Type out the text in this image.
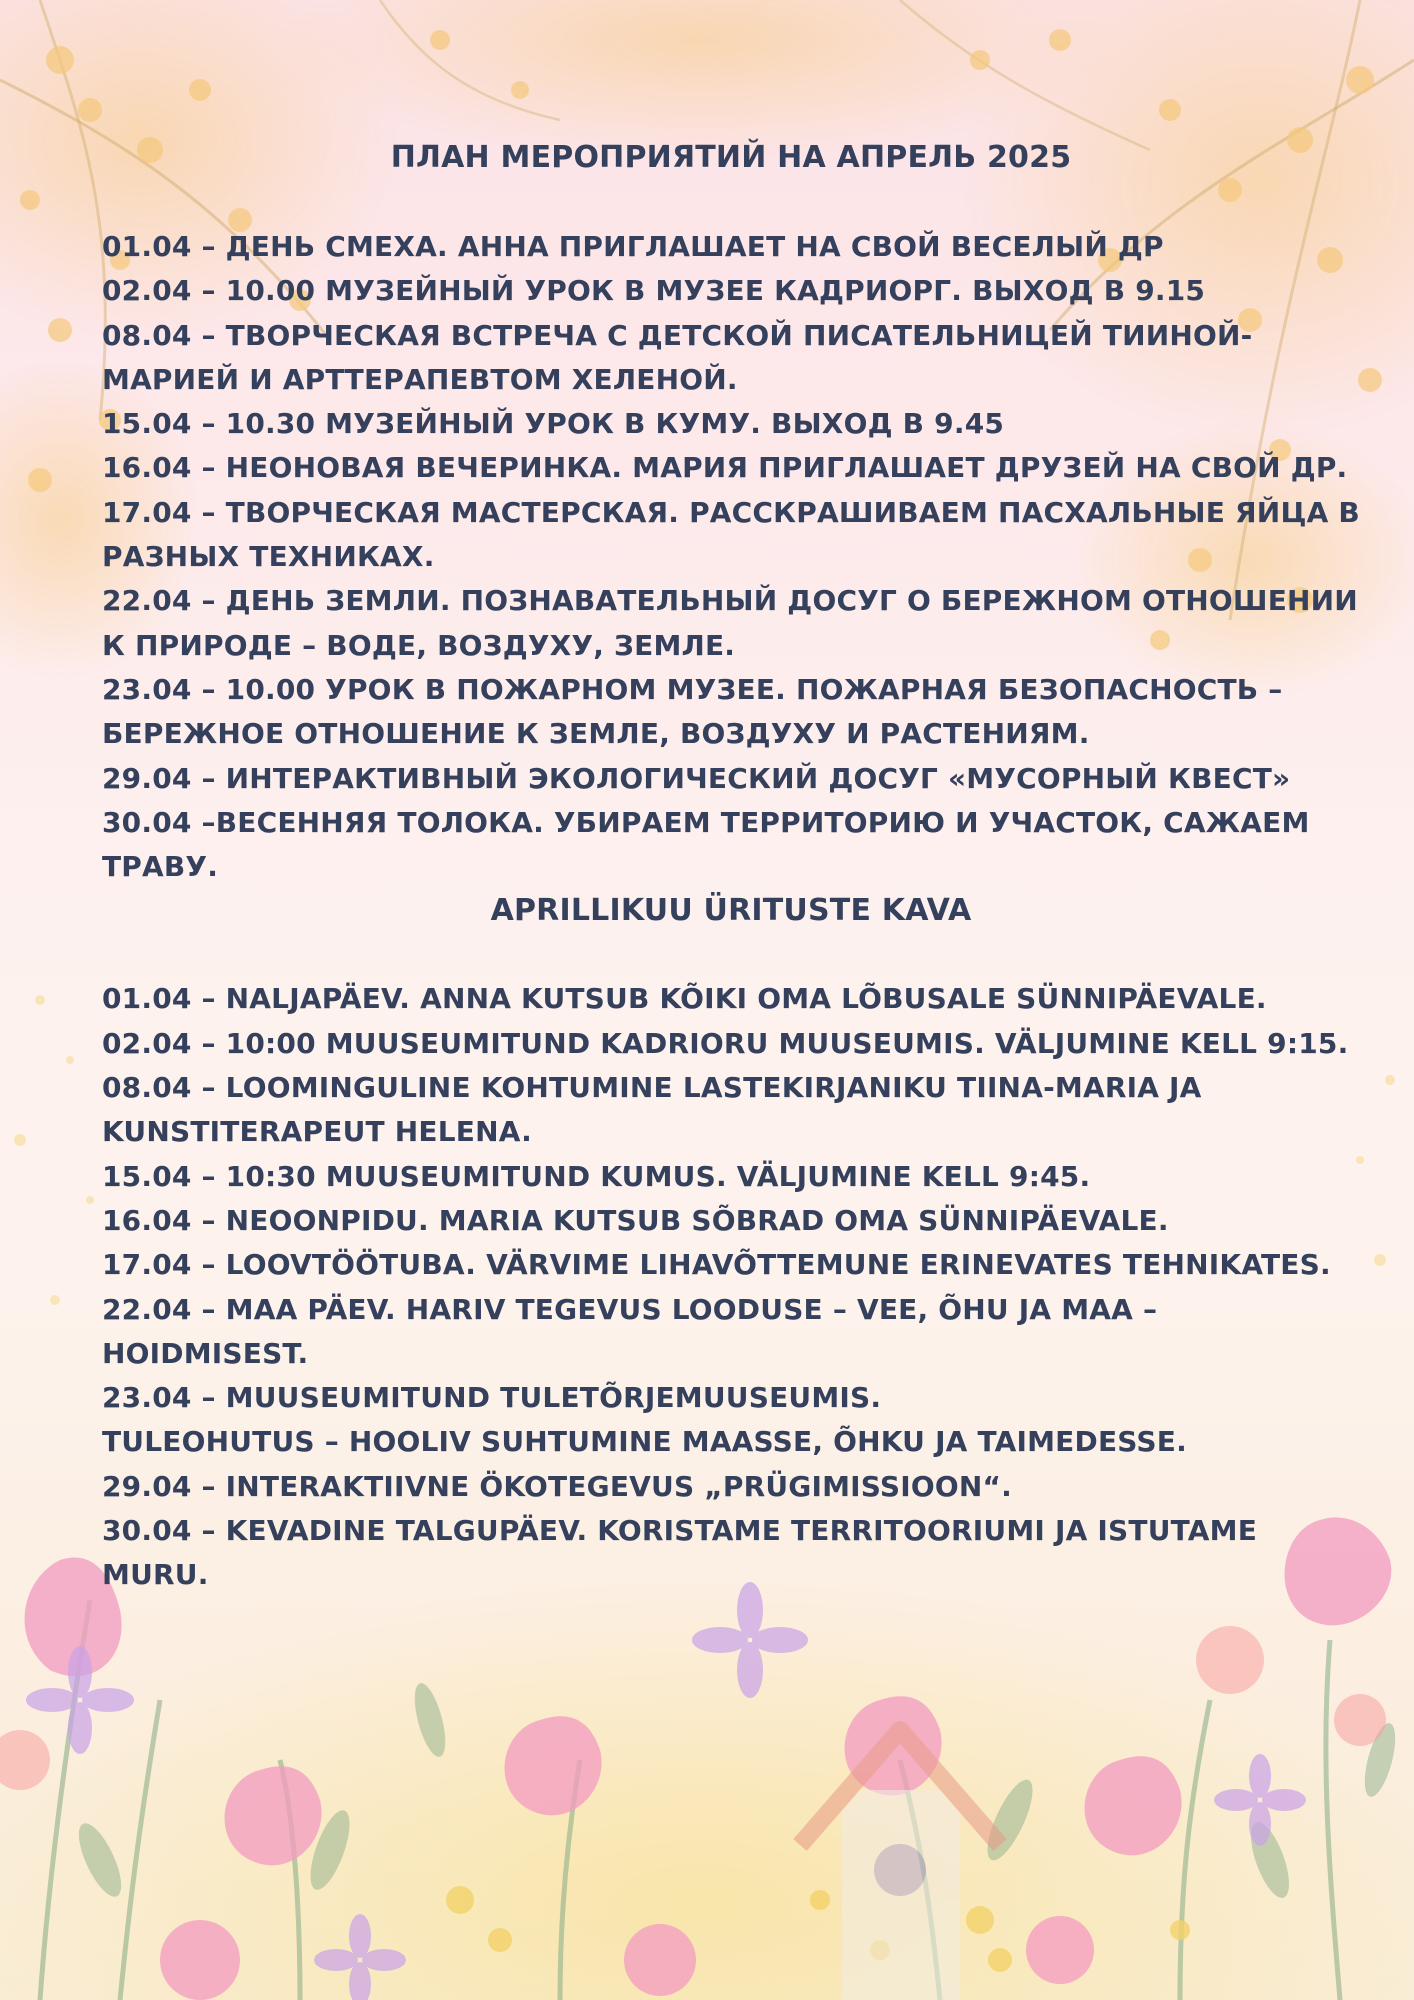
ПЛАН МЕРОПРИЯТИЙ НА АПРЕЛЬ 2025
01.04 – ДЕНЬ СМЕХА. АННА ПРИГЛАШАЕТ НА СВОЙ ВЕСЕЛЫЙ ДР
02.04 – 10.00 МУЗЕЙНЫЙ УРОК В МУЗЕЕ КАДРИОРГ. ВЫХОД В 9.15
08.04 – ТВОРЧЕСКАЯ ВСТРЕЧА С ДЕТСКОЙ ПИСАТЕЛЬНИЦЕЙ ТИИНОЙ-МАРИЕЙ И АРТТЕРАПЕВТОМ ХЕЛЕНОЙ.
15.04 – 10.30 МУЗЕЙНЫЙ УРОК В КУМУ. ВЫХОД В 9.45
16.04 – НЕОНОВАЯ ВЕЧЕРИНКА. МАРИЯ ПРИГЛАШАЕТ ДРУЗЕЙ НА СВОЙ ДР.
17.04 – ТВОРЧЕСКАЯ МАСТЕРСКАЯ. РАССКРАШИВАЕМ ПАСХАЛЬНЫЕ ЯЙЦА В РАЗНЫХ ТЕХНИКАХ.
22.04 – ДЕНЬ ЗЕМЛИ. ПОЗНАВАТЕЛЬНЫЙ ДОСУГ О БЕРЕЖНОМ ОТНОШЕНИИ К ПРИРОДЕ – ВОДЕ, ВОЗДУХУ, ЗЕМЛЕ.
23.04 – 10.00 УРОК В ПОЖАРНОМ МУЗЕЕ. ПОЖАРНАЯ БЕЗОПАСНОСТЬ – БЕРЕЖНОЕ ОТНОШЕНИЕ К ЗЕМЛЕ, ВОЗДУХУ И РАСТЕНИЯМ.
29.04 – ИНТЕРАКТИВНЫЙ ЭКОЛОГИЧЕСКИЙ ДОСУГ «МУСОРНЫЙ КВЕСТ»
30.04 –ВЕСЕННЯЯ ТОЛОКА. УБИРАЕМ ТЕРРИТОРИЮ И УЧАСТОК, САЖАЕМ ТРАВУ.
APRILLIKUU ÜRITUSTE KAVA
01.04 – NALJAPÄEV. ANNA KUTSUB KÕIKI OMA LÕBUSALE SÜNNIPÄEVALE.
02.04 – 10:00 MUUSEUMITUND KADRIORU MUUSEUMIS. VÄLJUMINE KELL 9:15.
08.04 – LOOMINGULINE KOHTUMINE LASTEKIRJANIKU TIINA-MARIA JA KUNSTITERAPEUT HELENA.
15.04 – 10:30 MUUSEUMITUND KUMUS. VÄLJUMINE KELL 9:45.
16.04 – NEOONPIDU. MARIA KUTSUB SÕBRAD OMA SÜNNIPÄEVALE.
17.04 – LOOVTÖÖTUBA. VÄRVIME LIHAVÕTTEMUNE ERINEVATES TEHNIKATES.
22.04 – MAA PÄEV. HARIV TEGEVUS LOODUSE – VEE, ÕHU JA MAA – HOIDMISEST.
23.04 – MUUSEUMITUND TULETÕRJEMUUSEUMIS.
TULEOHUTUS – HOOLIV SUHTUMINE MAASSE, ÕHKU JA TAIMEDESSE.
29.04 – INTERAKTIIVNE ÖKOTEGEVUS „PRÜGIMISSIOON“.
30.04 – KEVADINE TALGUPÄEV. KORISTAME TERRITOORIUMI JA ISTUTAME MURU.
